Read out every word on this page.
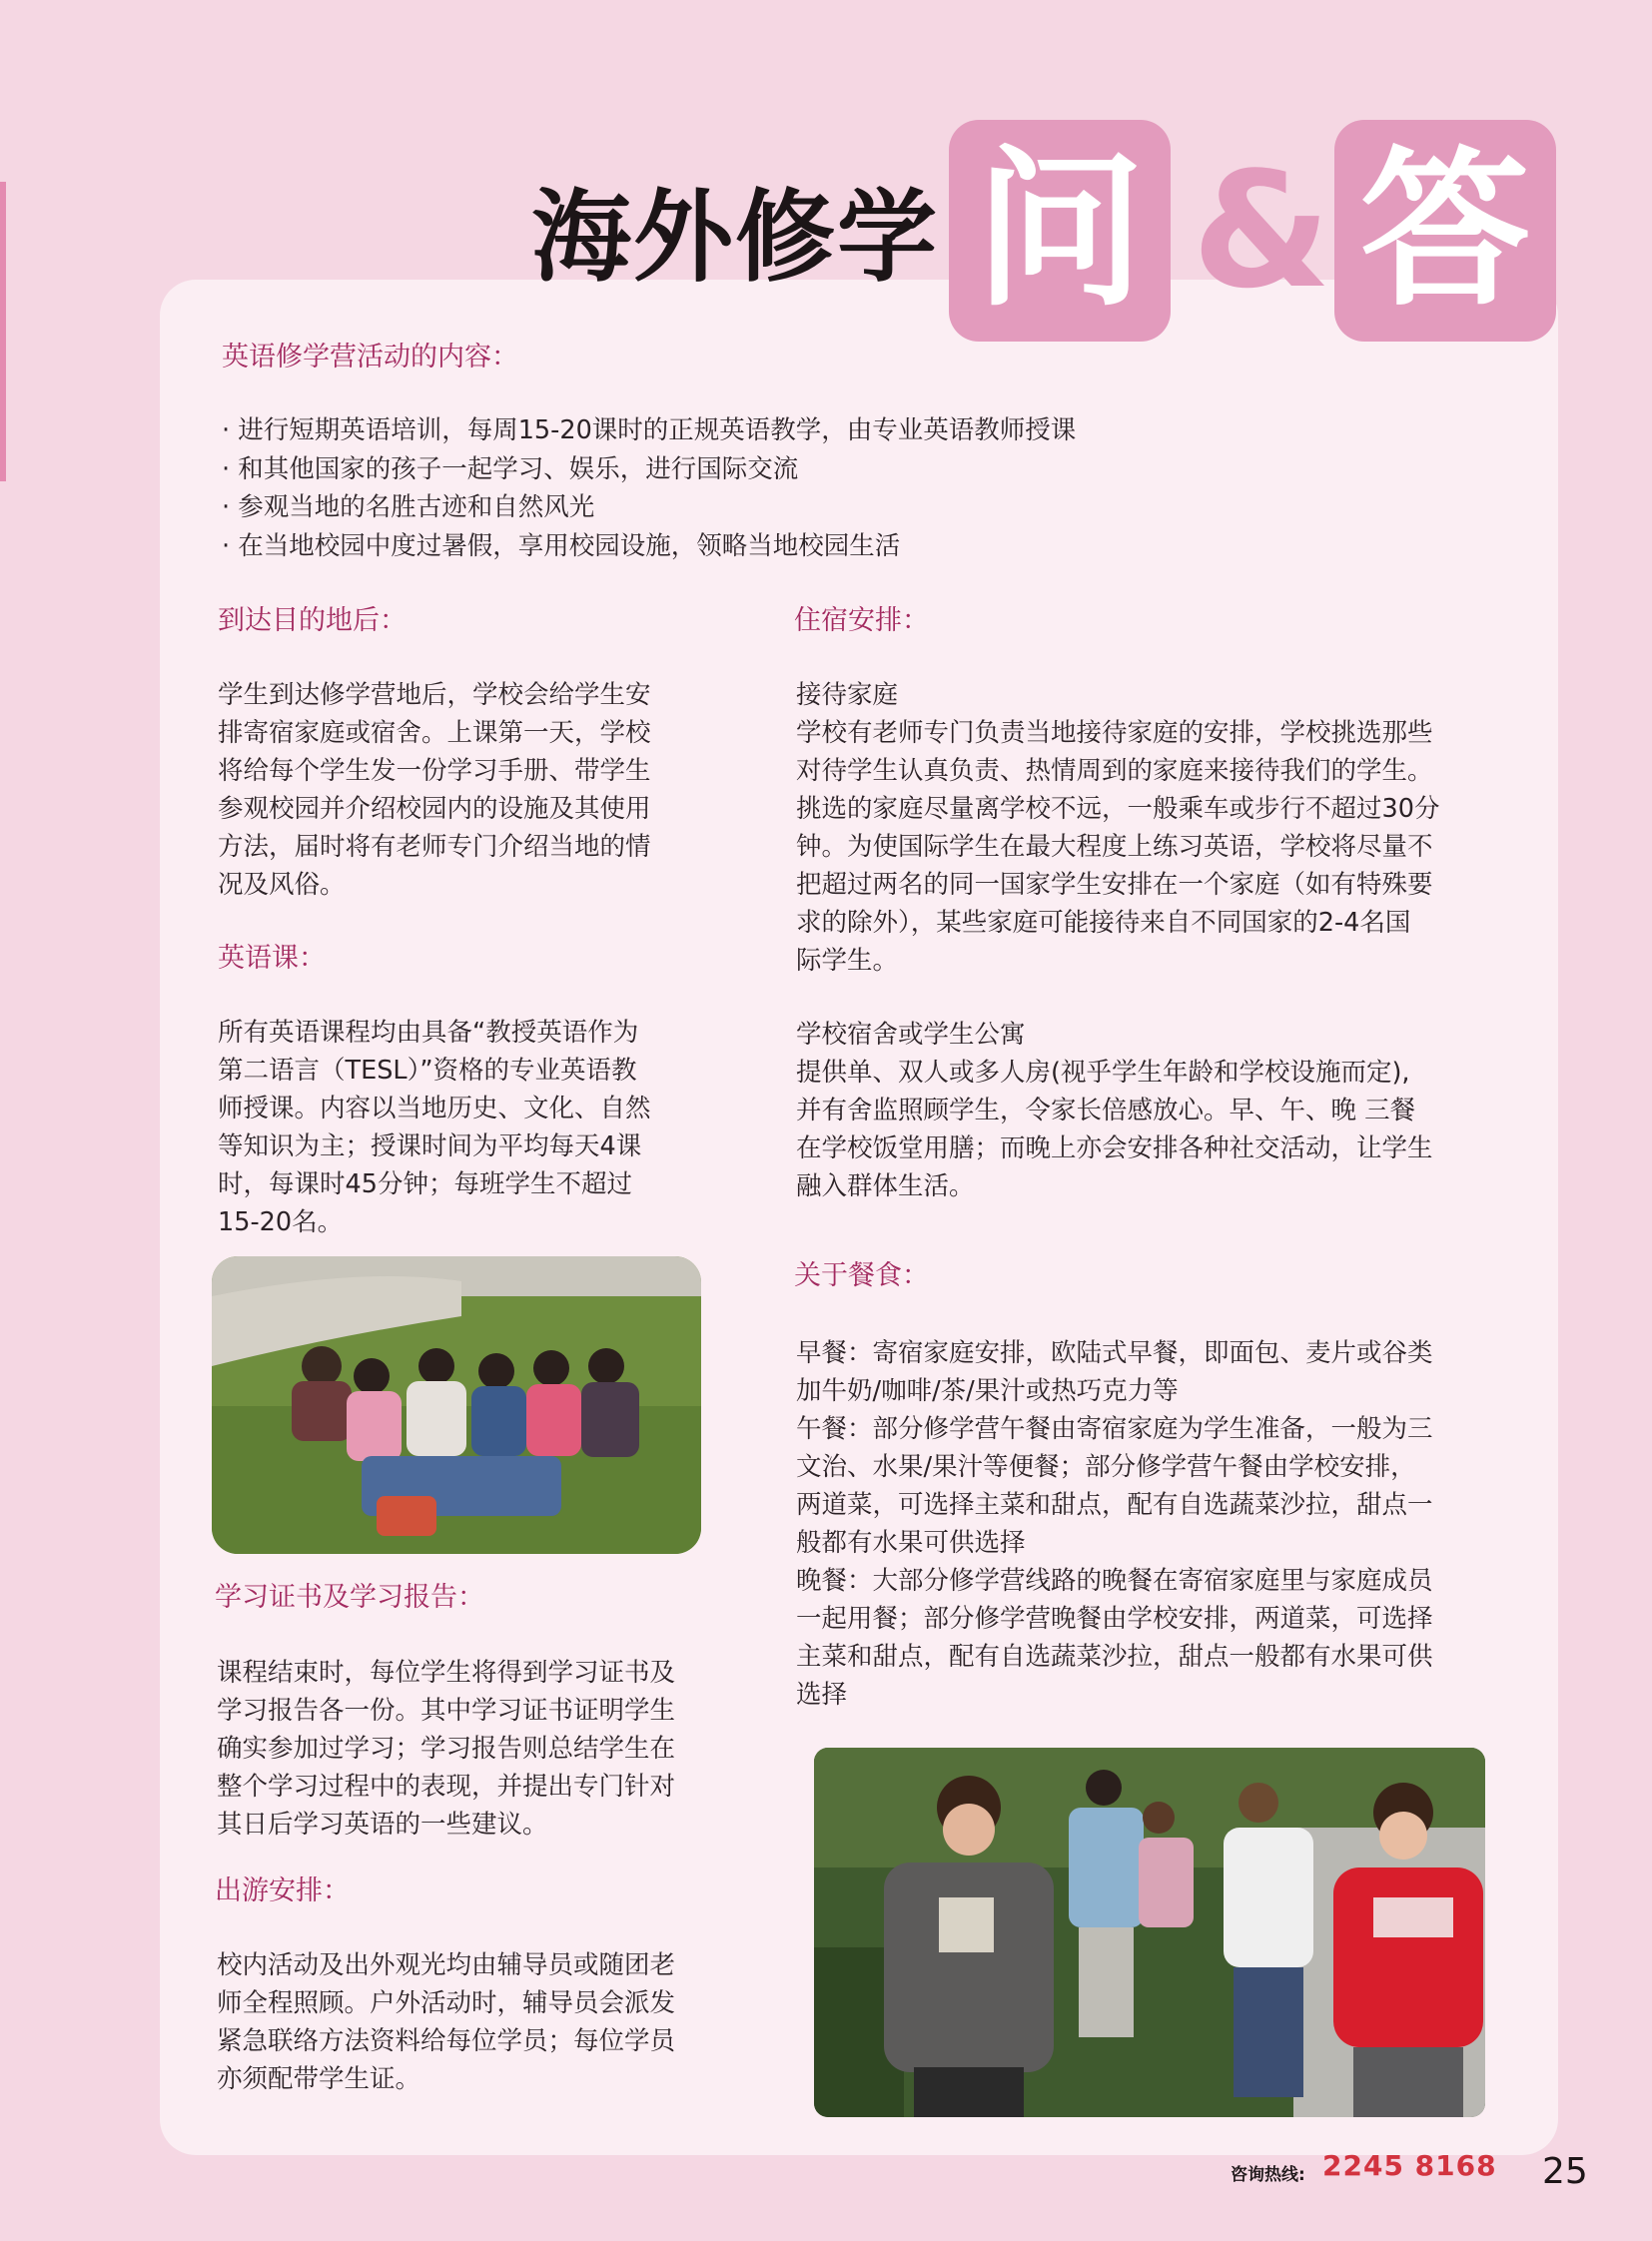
海外修学 问 & 答
英语修学营活动的内容：
· 进行短期英语培训，每周15-20课时的正规英语教学，由专业英语教师授课
· 和其他国家的孩子一起学习、娱乐，进行国际交流
· 参观当地的名胜古迹和自然风光
· 在当地校园中度过暑假，享用校园设施，领略当地校园生活
到达目的地后：
学生到达修学营地后，学校会给学生安
排寄宿家庭或宿舍。上课第一天，学校
将给每个学生发一份学习手册、带学生
参观校园并介绍校园内的设施及其使用
方法，届时将有老师专门介绍当地的情
况及风俗。
英语课：
所有英语课程均由具备“教授英语作为
第二语言（TESL）”资格的专业英语教
师授课。内容以当地历史、文化、自然
等知识为主；授课时间为平均每天4课
时，每课时45分钟；每班学生不超过
15-20名。
学习证书及学习报告：
课程结束时，每位学生将得到学习证书及
学习报告各一份。其中学习证书证明学生
确实参加过学习；学习报告则总结学生在
整个学习过程中的表现，并提出专门针对
其日后学习英语的一些建议。
出游安排：
校内活动及出外观光均由辅导员或随团老
师全程照顾。户外活动时，辅导员会派发
紧急联络方法资料给每位学员；每位学员
亦须配带学生证。
住宿安排：
接待家庭
学校有老师专门负责当地接待家庭的安排，学校挑选那些
对待学生认真负责、热情周到的家庭来接待我们的学生。
挑选的家庭尽量离学校不远，一般乘车或步行不超过30分
钟。为使国际学生在最大程度上练习英语，学校将尽量不
把超过两名的同一国家学生安排在一个家庭（如有特殊要
求的除外），某些家庭可能接待来自不同国家的2-4名国
际学生。
学校宿舍或学生公寓
提供单、双人或多人房(视乎学生年龄和学校设施而定),
并有舍监照顾学生，令家长倍感放心。早、午、晚 三餐
在学校饭堂用膳；而晚上亦会安排各种社交活动，让学生
融入群体生活。
关于餐食：
早餐：寄宿家庭安排，欧陆式早餐，即面包、麦片或谷类
加牛奶/咖啡/茶/果汁或热巧克力等
午餐：部分修学营午餐由寄宿家庭为学生准备，一般为三
文治、水果/果汁等便餐；部分修学营午餐由学校安排，
两道菜，可选择主菜和甜点，配有自选蔬菜沙拉，甜点一
般都有水果可供选择
晚餐：大部分修学营线路的晚餐在寄宿家庭里与家庭成员
一起用餐；部分修学营晚餐由学校安排，两道菜，可选择
主菜和甜点，配有自选蔬菜沙拉，甜点一般都有水果可供
选择
咨询热线: 2245 8168 25
